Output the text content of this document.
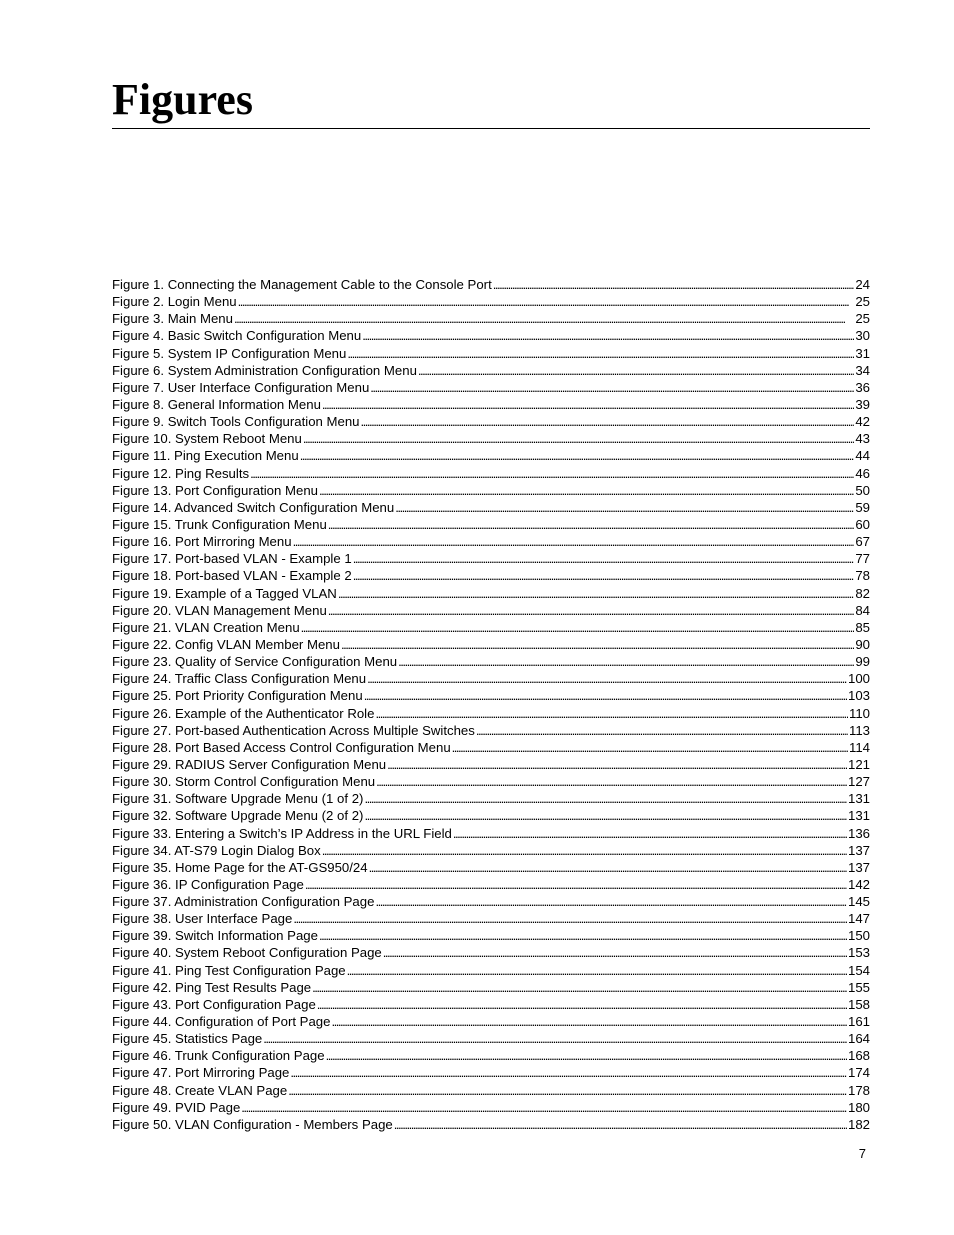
Figures
Figure 1. Connecting the Management Cable to the Console Port . . .	24
Figure 2. Login Menu . . .	25
Figure 3. Main Menu . . .	25
Figure 4. Basic Switch Configuration Menu . . .	30
Figure 5. System IP Configuration Menu . . .	31
Figure 6. System Administration Configuration Menu . . .	34
Figure 7. User Interface Configuration Menu . . .	36
Figure 8. General Information Menu . . .	39
Figure 9. Switch Tools Configuration Menu . . .	42
Figure 10. System Reboot Menu . . .	43
Figure 11. Ping Execution Menu . . .	44
Figure 12. Ping Results . . .	46
Figure 13. Port Configuration Menu . . .	50
Figure 14. Advanced Switch Configuration Menu . . .	59
Figure 15. Trunk Configuration Menu . . .	60
Figure 16. Port Mirroring Menu . . .	67
Figure 17. Port-based VLAN - Example 1 . . .	77
Figure 18. Port-based VLAN - Example 2 . . .	78
Figure 19. Example of a Tagged VLAN . . .	82
Figure 20. VLAN Management Menu . . .	84
Figure 21. VLAN Creation Menu . . .	85
Figure 22. Config VLAN Member Menu . . .	90
Figure 23. Quality of Service Configuration Menu . . .	99
Figure 24. Traffic Class Configuration Menu . . .	100
Figure 25. Port Priority Configuration Menu . . .	103
Figure 26. Example of the Authenticator Role . . .	110
Figure 27. Port-based Authentication Across Multiple Switches . . .	113
Figure 28. Port Based Access Control Configuration Menu . . .	114
Figure 29. RADIUS Server Configuration Menu . . .	121
Figure 30. Storm Control Configuration Menu . . .	127
Figure 31. Software Upgrade Menu (1 of 2) . . .	131
Figure 32. Software Upgrade Menu (2 of 2) . . .	131
Figure 33. Entering a Switch’s IP Address in the URL Field . . .	136
Figure 34. AT-S79 Login Dialog Box . . .	137
Figure 35. Home Page for the AT-GS950/24 . . .	137
Figure 36. IP Configuration Page . . .	142
Figure 37. Administration Configuration Page . . .	145
Figure 38. User Interface Page . . .	147
Figure 39. Switch Information Page . . .	150
Figure 40. System Reboot Configuration Page . . .	153
Figure 41. Ping Test Configuration Page . . .	154
Figure 42. Ping Test Results Page . . .	155
Figure 43. Port Configuration Page . . .	158
Figure 44. Configuration of Port Page . . .	161
Figure 45. Statistics Page . . .	164
Figure 46. Trunk Configuration Page . . .	168
Figure 47. Port Mirroring Page . . .	174
Figure 48. Create VLAN Page . . .	178
Figure 49. PVID Page . . .	180
Figure 50. VLAN Configuration - Members Page . . .	182
7
